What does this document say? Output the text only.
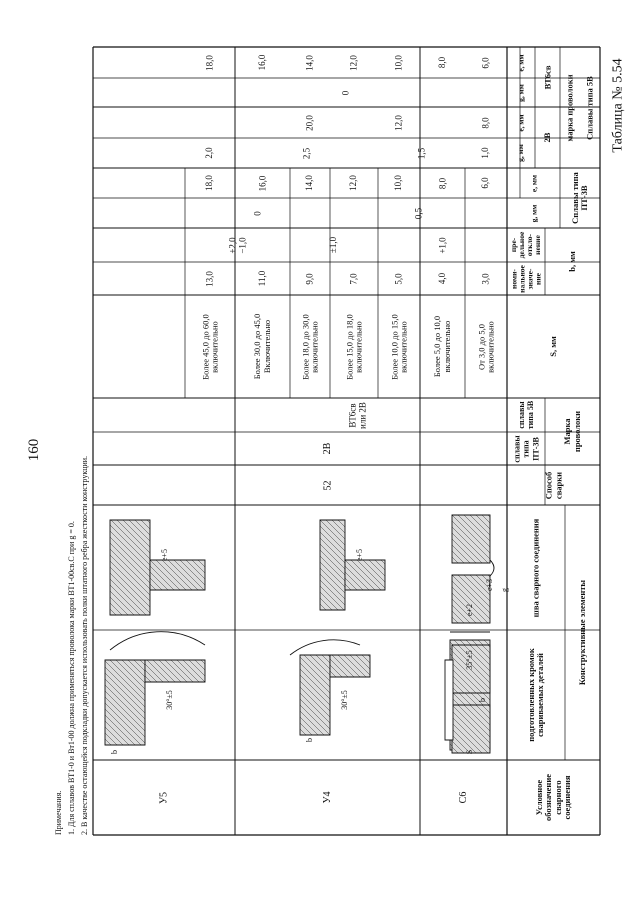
160
Таблица № 5.54
Условное
обозначение
сварного
соединения
Конструктивные элементы
подготовленных кромок
свариваемых деталей
шва сварного соединения
Способ
сварки
Марка
проволоки
сплавы
типа
ПТ-3В
сплавы
типа 5В
S, мм
b, мм
номи-
нальное
значе-
ние
пре-
дельное
откло-
нение
Сплавы типа
ПТ-3В
Сплавы типа 5В
марка проволоки
2В
ВТ6св
g, мм
e, мм
g, мм
e, мм
g, мм
e, мм
С6
У4
У5
52
2В
ВТ6св
или 2В
От 3,0 до 5,0
включительно
3,0
6,0
6,0
1,0
8,0
Более 5,0 до 10,0
включительно
4,0
8,0
8,0
Более 10,0 до 15,0
включительно
5,0
10,0
10,0
12,0
Более 15,0 до 18,0
включительно
7,0
12,0
12,0
Более 18,0 до 30,0
включительно
9,0
14,0
14,0
20,0
Более 30,0 до 45,0
Включительно
11,0
16,0
16,0
Более 45,0 до 60,0
включительно
13,0
18,0
18,0
2,0
+1,0
±1,0
+2,0
−1,0
0,5
0
1,5
2,5
0
b
S
35°±5
30°±5
b
30°±5
b
e+3
e+2
e+5
e+5
g
Примечания. 1. Для сплавов ВТ1-0 и Вт1-00 должна применяться проволока марки ВТ1-00св.С при g = 0. 2. В качестве остающейся подкладки допускается использовать полки штатного ребра жесткости конструкции.
